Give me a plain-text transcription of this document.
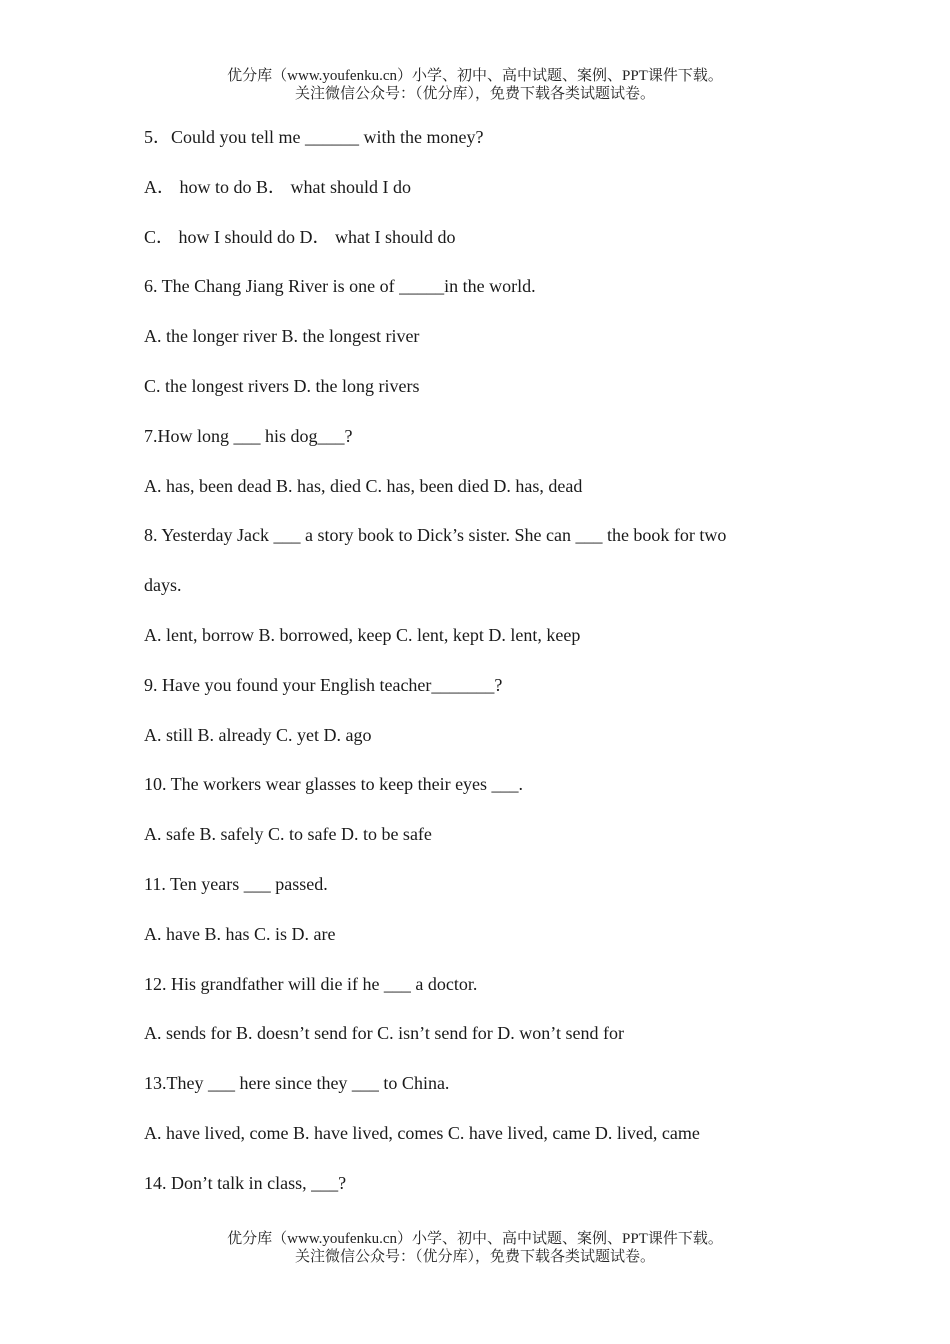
优分库（www.youfenku.cn）小学、初中、高中试题、案例、PPT课件下载。
关注微信公众号：（优分库），免费下载各类试题试卷。
5．Could you tell me ______ with the money?
A． how to do B． what should I do
C． how I should do D． what I should do
6. The Chang Jiang River is one of _____in the world.
A. the longer river B. the longest river
C. the longest rivers D. the long rivers
7.How long ___ his dog___?
A. has, been dead B. has, died C. has, been died D. has, dead
8. Yesterday Jack ___ a story book to Dick’s sister. She can ___ the book for two
days.
A. lent, borrow B. borrowed, keep C. lent, kept D. lent, keep
9. Have you found your English teacher_______?
A. still B. already C. yet D. ago
10. The workers wear glasses to keep their eyes ___.
A. safe B. safely C. to safe D. to be safe
11. Ten years ___ passed.
A. have B. has C. is D. are
12. His grandfather will die if he ___ a doctor.
A. sends for B. doesn’t send for C. isn’t send for D. won’t send for
13.They ___ here since they ___ to China.
A. have lived, come B. have lived, comes C. have lived, came D. lived, came
14. Don’t talk in class, ___?
优分库（www.youfenku.cn）小学、初中、高中试题、案例、PPT课件下载。
关注微信公众号：（优分库），免费下载各类试题试卷。
